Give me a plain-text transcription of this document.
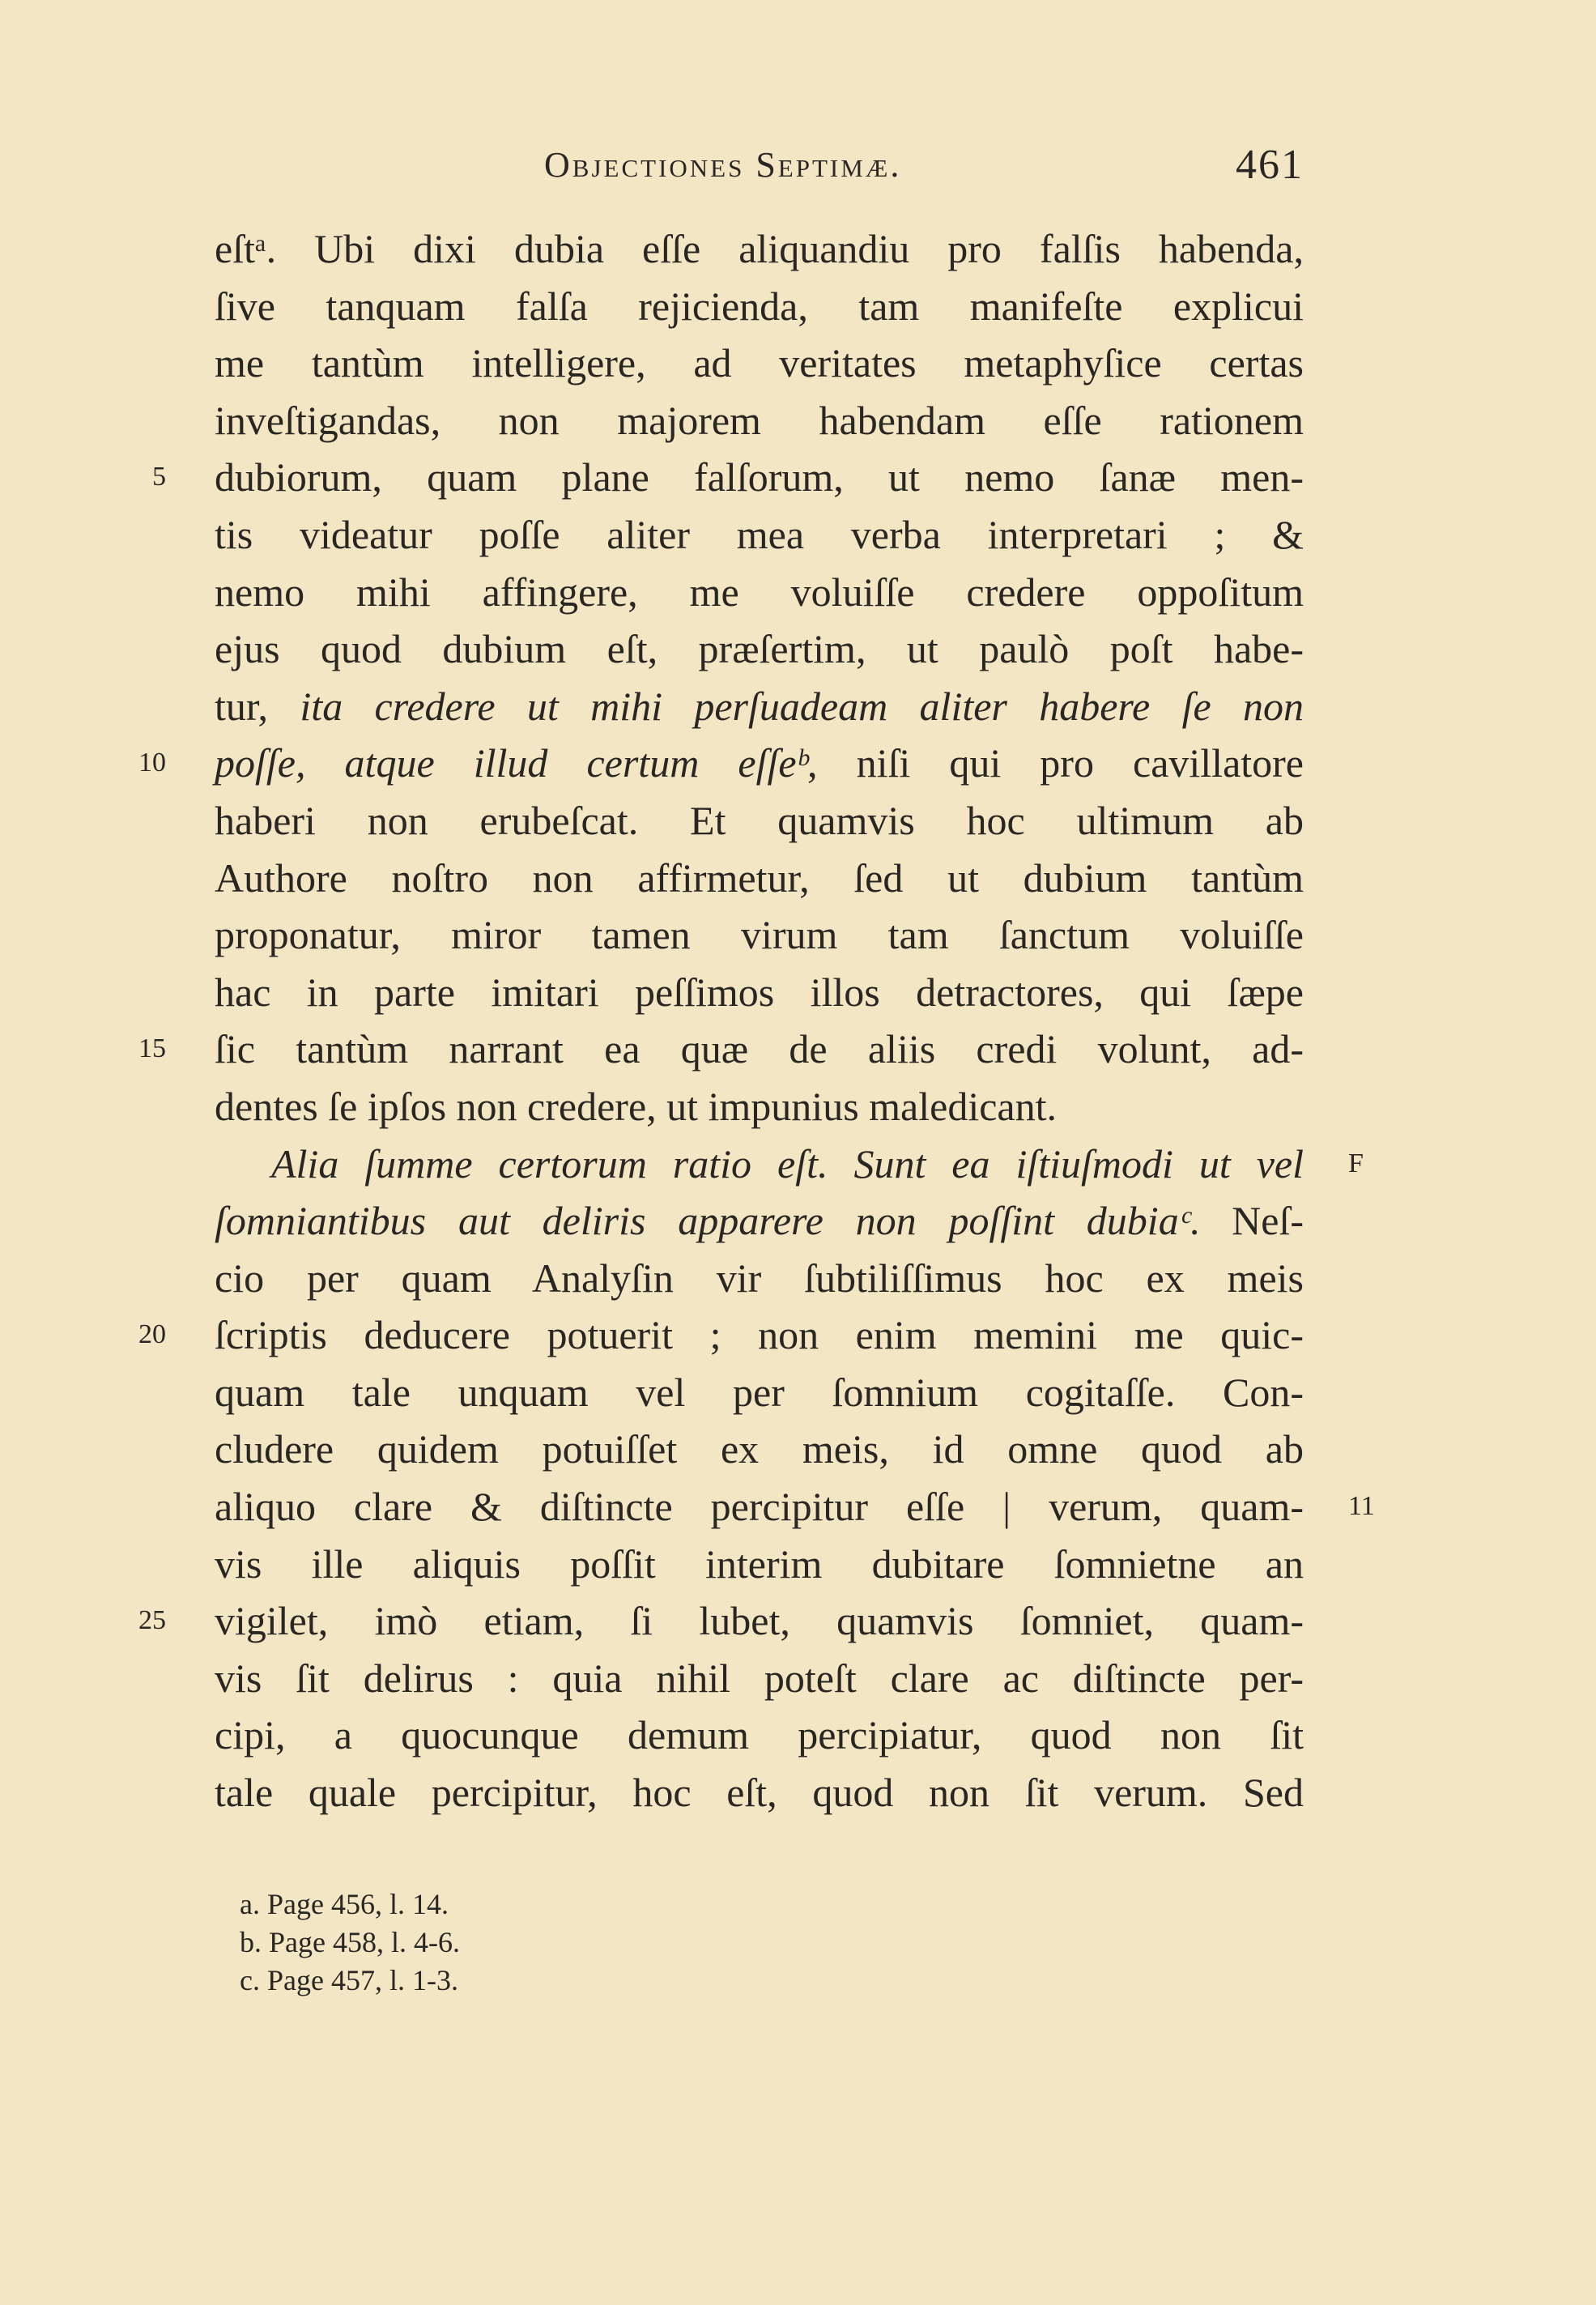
Objectiones Septimæ.	461
eſtᵃ. Ubi dixi dubia eſſe aliquandiu pro falſis habenda,
ſive tanquam falſa rejicienda, tam manifeſte explicui
me tantùm intelligere, ad veritates metaphyſice certas
inveſtigandas, non majorem habendam eſſe rationem
5 dubiorum, quam plane falſorum, ut nemo ſanæ men-
tis videatur poſſe aliter mea verba interpretari ; &
nemo mihi affingere, me voluiſſe credere oppoſitum
ejus quod dubium eſt, præſertim, ut paulò poſt habe-
tur, ita credere ut mihi perſuadeam aliter habere ſe non
10 poſſe, atque illud certum eſſeᵇ, niſi qui pro cavillatore
haberi non erubeſcat. Et quamvis hoc ultimum ab
Authore noſtro non affirmetur, ſed ut dubium tantùm
proponatur, miror tamen virum tam ſanctum voluiſſe
hac in parte imitari peſſimos illos detractores, qui ſæpe
15 ſic tantùm narrant ea quæ de aliis credi volunt, ad-
dentes ſe ipſos non credere, ut impunius maledicant.
F
Alia ſumme certorum ratio eſt. Sunt ea iſtiuſmodi ut vel
ſomniantibus aut deliris apparere non poſſint dubiaᶜ. Neſ-
cio per quam Analyſin vir ſubtiliſſimus hoc ex meis
20 ſcriptis deducere potuerit ; non enim memini me quic-
quam tale unquam vel per ſomnium cogitaſſe. Con-
cludere quidem potuiſſet ex meis, id omne quod ab
11
aliquo clare & diſtincte percipitur eſſe | verum, quam-
vis ille aliquis poſſit interim dubitare ſomnietne an
25 vigilet, imò etiam, ſi lubet, quamvis ſomniet, quam-
vis ſit delirus : quia nihil poteſt clare ac diſtincte per-
cipi, a quocunque demum percipiatur, quod non ſit
tale quale percipitur, hoc eſt, quod non ſit verum. Sed
a. Page 456, l. 14.
b. Page 458, l. 4-6.
c. Page 457, l. 1-3.
